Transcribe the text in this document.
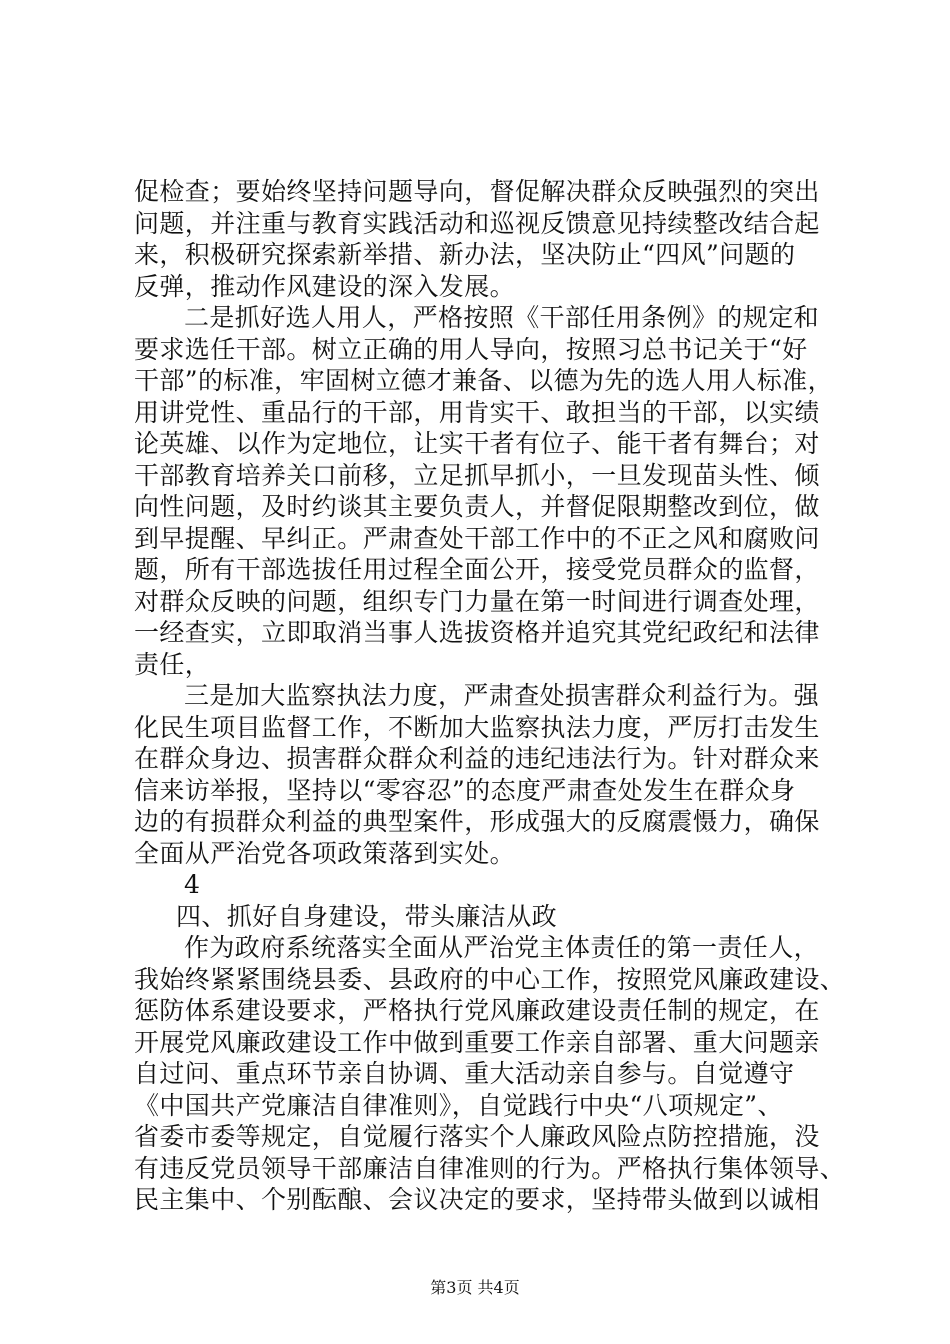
促检查；要始终坚持问题导向，督促解决群众反映强烈的突出
问题，并注重与教育实践活动和巡视反馈意见持续整改结合起
来，积极研究探索新举措、新办法，坚决防止“四风”问题的
反弹，推动作风建设的深入发展。
二是抓好选人用人，严格按照《干部任用条例》的规定和
要求选任干部。树立正确的用人导向，按照习总书记关于“好
干部”的标准，牢固树立德才兼备、以德为先的选人用人标准，
用讲党性、重品行的干部，用肯实干、敢担当的干部，以实绩
论英雄、以作为定地位，让实干者有位子、能干者有舞台；对
干部教育培养关口前移，立足抓早抓小，一旦发现苗头性、倾
向性问题，及时约谈其主要负责人，并督促限期整改到位，做
到早提醒、早纠正。严肃查处干部工作中的不正之风和腐败问
题，所有干部选拔任用过程全面公开，接受党员群众的监督，
对群众反映的问题，组织专门力量在第一时间进行调查处理，
一经查实，立即取消当事人选拔资格并追究其党纪政纪和法律
责任，
三是加大监察执法力度，严肃查处损害群众利益行为。强
化民生项目监督工作，不断加大监察执法力度，严厉打击发生
在群众身边、损害群众群众利益的违纪违法行为。针对群众来
信来访举报，坚持以“零容忍”的态度严肃查处发生在群众身
边的有损群众利益的典型案件，形成强大的反腐震慑力，确保
全面从严治党各项政策落到实处。
4
四、抓好自身建设，带头廉洁从政
作为政府系统落实全面从严治党主体责任的第一责任人，
我始终紧紧围绕县委、县政府的中心工作，按照党风廉政建设、
惩防体系建设要求，严格执行党风廉政建设责任制的规定，在
开展党风廉政建设工作中做到重要工作亲自部署、重大问题亲
自过问、重点环节亲自协调、重大活动亲自参与。自觉遵守
《中国共产党廉洁自律准则》，自觉践行中央“八项规定”、
省委市委等规定，自觉履行落实个人廉政风险点防控措施，没
有违反党员领导干部廉洁自律准则的行为。严格执行集体领导、
民主集中、个别酝酿、会议决定的要求，坚持带头做到以诚相
第3页 共4页
